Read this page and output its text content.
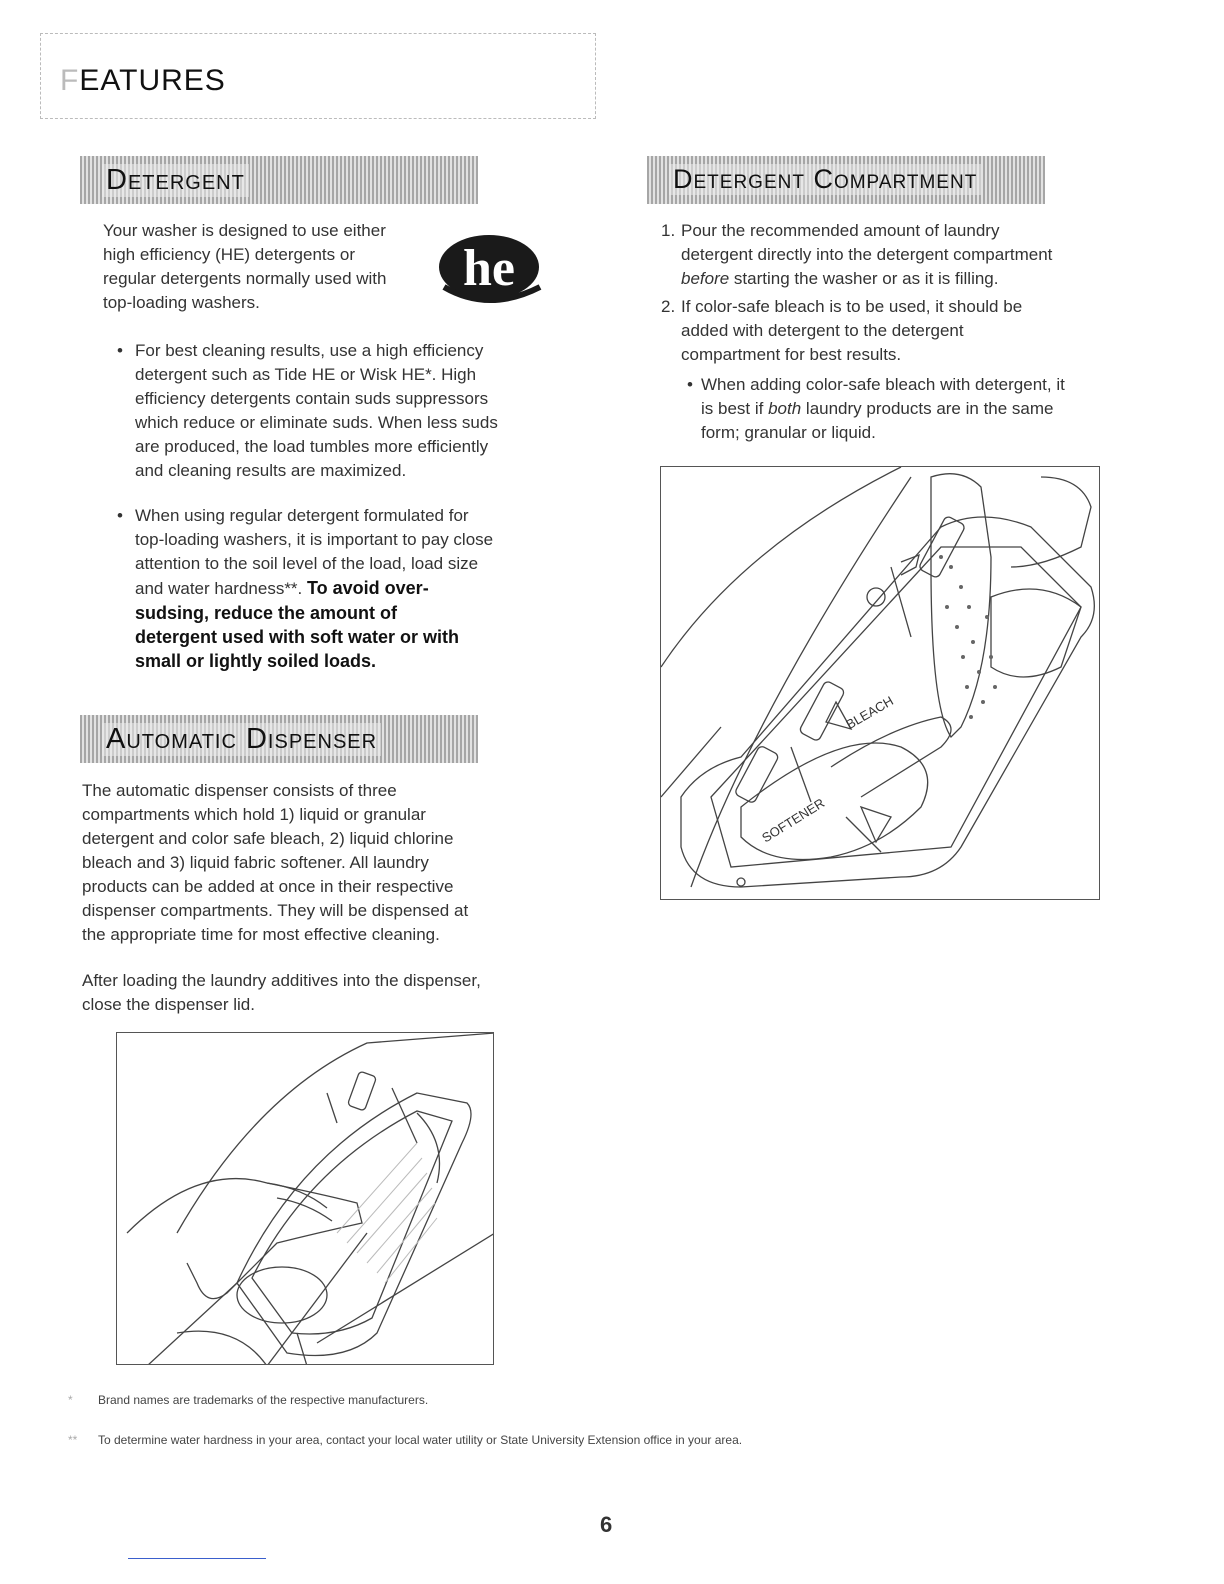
FEATURES
Detergent
Your washer is designed to use either
high efficiency (HE) detergents or
regular detergents normally used with
top-loading washers.
he
• For best cleaning results, use a high efficiency
detergent such as Tide HE or Wisk HE*. High
efficiency detergents contain suds suppressors
which reduce or eliminate suds. When less suds
are produced, the load tumbles more efficiently
and cleaning results are maximized.
• When using regular detergent formulated for
top-loading washers, it is important to pay close
attention to the soil level of the load, load size
and water hardness**. To avoid over-
sudsing, reduce the amount of
detergent used with soft water or with
small or lightly soiled loads.
Automatic Dispenser
The automatic dispenser consists of three
compartments which hold 1) liquid or granular
detergent and color safe bleach, 2) liquid chlorine
bleach and 3) liquid fabric softener. All laundry
products can be added at once in their respective
dispenser compartments. They will be dispensed at
the appropriate time for most effective cleaning.
After loading the laundry additives into the dispenser,
close the dispenser lid.
Detergent Compartment
1. Pour the recommended amount of laundry
detergent directly into the detergent compartment
before starting the washer or as it is filling.
2. If color-safe bleach is to be used, it should be
added with detergent to the detergent
compartment for best results.
• When adding color-safe bleach with detergent, it
is best if both laundry products are in the same
form; granular or liquid.
BLEACH
SOFTENER
* Brand names are trademarks of the respective manufacturers.
** To determine water hardness in your area, contact your local water utility or State University Extension office in your area.
6
